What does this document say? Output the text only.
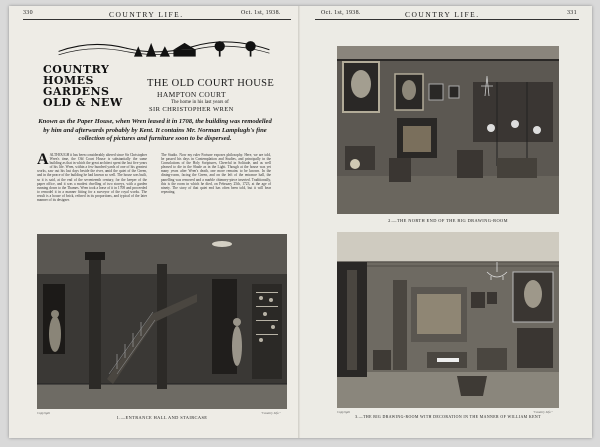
330	COUNTRY LIFE.	Oct. 1st, 1938.
COUNTRY
HOMES
GARDENS
OLD & NEW
THE OLD COURT HOUSE
HAMPTON COURT
The home in his last years of
SIR CHRISTOPHER WREN

Known as the Paper House, when Wren leased it in 1708, the building was remodelled by him and afterwards probably by Kent. It contains Mr. Norman Lamplugh's fine collection of pictures and furniture soon to be dispersed.

AALTHOUGH it has been considerably altered since Sir Christopher Wren's time, the Old Court House is substantially the same building as that in which the great architect spent the last five years of his life. Wren, within a few hundred yards of one of his greatest works, saw out his last days beside the river, amid the quiet of the Green, and in the peace of the building he had known so well. The house was built, so it is said, at the end of the seventeenth century, for the keeper of the paper office, and it was a modest dwelling of two storeys, with a garden running down to the Thames. Wren took a lease of it in 1708 and proceeded to remodel it in a manner fitting for a surveyor of the royal works. The result is a house of brick, refined in its proportions, and typical of the later manner of its designer.

The Studio. Now my ruler Fortune exposes philosophy. Here, we are told, he passed his days in Contemplation and Studies, and principally in the Consolations of the Holy Scriptures, Cheerful in Solitude, and as well pleased to die in the Shade as in the Light. Though at the house was yet many years after Wren's death, one more remains to be known. In the dining-room, facing the Green, and on the left of the entrance hall, the panelling was removed and a marble chimney-piece inserted. Traditionally, this is the room in which he died, on February 25th, 1723, at the age of ninety. The story of that quiet end has often been told, but it will bear repeating.

Copyright	"Country Life."
1.—ENTRANCE HALL AND STAIRCASE
Oct. 1st, 1938.	COUNTRY LIFE.	331
2.—THE NORTH END OF THE BIG DRAWING-ROOM
Copyright	"Country Life."
3.—THE BIG DRAWING-ROOM WITH DECORATION IN THE MANNER OF WILLIAM KENT
